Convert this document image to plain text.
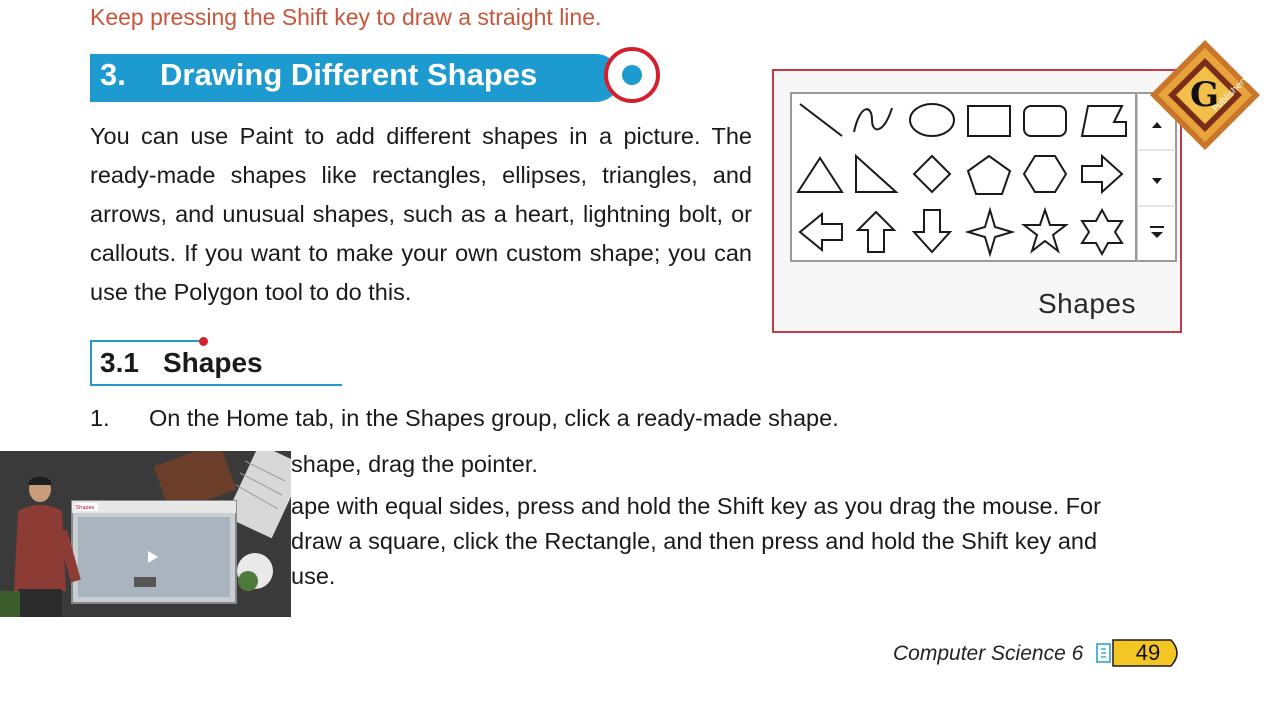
Keep pressing the Shift key to draw a straight line.
3. Drawing Different Shapes
You can use Paint to add different shapes in a picture. The ready-made shapes like rectangles, ellipses, triangles, and arrows, and unusual shapes, such as a heart, lightning bolt, or callouts. If you want to make your own custom shape; you can use the Polygon tool to do this.
3.1 Shapes
1. On the Home tab, in the Shapes group, click a ready-made shape.
shape, drag the pointer.
ape with equal sides, press and hold the Shift key as you drag the mouse. For
draw a square, click the Rectangle, and then press and hold the Shift key and
use.
Shapes
G
Publishers
Shapes
Computer Science 6	49
